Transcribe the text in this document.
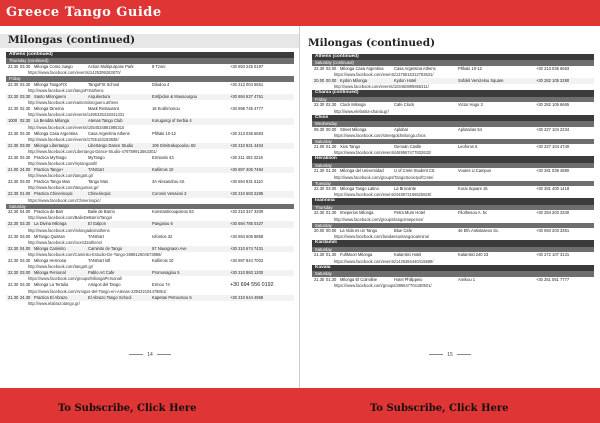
Greece Tango Guide
Milongas (continued)
Athens (continued)
Thursday (continued)
22.30 03.30 Milonga Como Juego	Action Multipurpose Park	8 Tzoni	+30 693 245 0197
https://www.facebook.com/events/1425399263870/
Friday
22.30 03.30 Milonga TangoFIX	TangoFIX School	Dilodou 4	+30 213 004 5651
http://www.facebook.com/tangoFIXathens
22.30 03.30 Santo Milonguero	Arquitectura	Emfpidon & Mousourgou	+30 694 637 4761
http://www.facebook.com/santomilonguero.athens
22.30 02.30 Milonga Dinerna	Mask Restaurant	18 Kodrimonou	+30 698 745 4777
http://www.facebook.com/events/1496325418341331
1000 02.30 La Bendita Milonga	Atenas Tango Club	Korugoirgi of Serbia 4
http://www.facebook.com/events/1554534881985310
22.30 03.30 Milonga Casa Argentina	Casa Argentina Athens	Plthaki 10-12	+30 213 036 6683
http://www.facebook.com/events/1755163193836/
22.30 03.00 Milonga Libertango	Libertango Dance Studio	106 Dimitrakopoulou Str	+30 210 921 4404
http://www.facebook.com/Libertango-Dance-Studio-478759913563301/
22.30 03.30 Practica MyTango	MyTango	Ermianis 43	+30 211 403 3218
http://www.facebook.com/mytangoath/
21.00 24.00 Practica Tango+	TANGart	Kallirrois 10	+30 697 406 7494
http://www.facebook.com/tangart.gr/
22.30 03.00 Practica Tango Mas	Tango Mas	3A Alexandrou str.	+30 694 831 6110
http://www.facebook.com/tangomas.gr/
22.30 01.00 Practica Chinerinopic	Chinerinopic	Coronis Venaioni 3	+30 210 683 2285
https://www.facebook.com/Chinerinopic/
Saturday
22.30 04.00 Practica de Barr	Baile de Barrio	Konstantinoupoleos 53	+30 210 347 3209
http://www.facebook.com/BaileDeBarrioTango/
22.30 03.30 La Divina Milonga	El Galpon	Pangaiou 6	+30 694 785 0107
http://www.facebook.com/milongadivinathens
22.30 03.00 MiTango Quintan	TANGart	Iofontos 32	+30 694 605 8858
http://www.facebook.com/room32athens/
22.30 04.00 Milonga Caminito	Caminito de Tango	57 Nausgnaon Ave	+30 210 674 7431
http://www.facebook.com/Caminito-Estudio-De-Tango-389812604573888/
22.30 03.30 Milonga Hermosa	TANGart loft	Kallirrois 10	+30 697 844 7003
http://www.facebook.com/tangart.gr/
22.30 03.00 Milonga Personal	Pablo Art Cafe	Promosaglou 5	+30 210 883 1200
https://www.facebook.com/groups/MilongaPersonal/
22.30 03.30 Milonga La Tertulia	Amigos del Tango	Ermou 74	+30 694 556 0192
https://www.facebook.com/Amigos-del-Tango-en-Atenas-239432104478861/
21.30 24.30 Practica El Abrazo	El Abrazo Tango School	Kapetan Petroutsou 5	+30 210 644 4958
http://www.elabrazotango.gr/
14
Milongas (continued)
Athens (continued)
Saturday (continued)
22.30 03.00 Milonga Casa Argentina	Casa Argentina Athens	Plthaki 10-12	+30 213 036 6683
https://www.facebook.com/events/1375516312783631/
20.00 00.00 Kydon Milonga	Kydon Hotel	Sofokli Venizelou Square	+30 282 105 2280
http://www.facebook.com/events/103460899865311/
Chania (continued)
Friday
22.30 02.30 Clock Milonga	Cafe Clock	Victor Hugo 3	+30 282 105 6665
http://www.elefantia-chania.gr/
Chios
Wednesday
09.30 00.00 Street Milonga	Aplobar	Aplotarias 54	+30 227 104 2234
https://www.facebook.com/streetgoldmilonga.chios
Saturday
21.00 01.30 Xios Tango	Genoan Castle	Leoforos 6	+30 227 104 4740
https://www.facebook.com/events/469567477832632/
Heraklion
Saturday
21.30 01.30 Milonga del Universidad	U of Crete Student Ctr.	Voutes U.Campus	+30 281 039 4880
http://www.facebook.com/groups/TangoSocietyofCrete/
Tuesday
22.30 03.00 Milonga Tango Latino	La Brocante	Korai Square 15	+30 281 400 1418
https://www.facebook.com/events/448573166525826/
Ioannina
Thursday
22.30 01.30 Imeperios Milonga	Petra Mure Hotel	Filothesou A. 5c	+30 284 203 3340
http://www.facebook.com/groups/tangoimeperios/
Saturday
20.00 00.00 La Vida es un Tango	Blue Cafe	46 Eth.Antistaseos Sc.	+30 693 203 3361
https://www.facebook.com/lavidaesuntangoioannina/
Kardamili
Saturday
21.30 01.30 FullMoon Milonga	Kalamitsi Hotel	Kalamitsi 240 23	+30 272 107 3131
https://www.facebook.com/events/1426384440415599/
Kavala
Saturday
21.30 01.30 Milonga El Colmiline	Hotel Philippeio	Amikou 1	+30 251 051 7777
https://www.facebook.com/groups/386647704180501/
15
To Subscribe, Click Here	To Subscribe, Click Here
